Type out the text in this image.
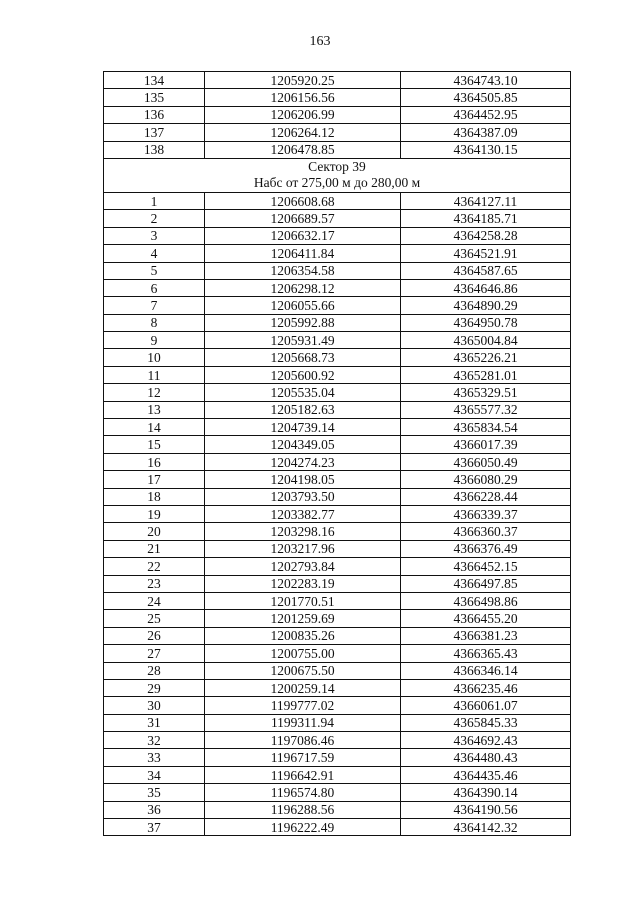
163
134	1205920.25	4364743.10
135	1206156.56	4364505.85
136	1206206.99	4364452.95
137	1206264.12	4364387.09
138	1206478.85	4364130.15

Сектор 39
Набс от 275,00 м до 280,00 м		

1	1206608.68	4364127.11
2	1206689.57	4364185.71
3	1206632.17	4364258.28
4	1206411.84	4364521.91
5	1206354.58	4364587.65
6	1206298.12	4364646.86
7	1206055.66	4364890.29
8	1205992.88	4364950.78
9	1205931.49	4365004.84
10	1205668.73	4365226.21
11	1205600.92	4365281.01
12	1205535.04	4365329.51
13	1205182.63	4365577.32
14	1204739.14	4365834.54
15	1204349.05	4366017.39
16	1204274.23	4366050.49
17	1204198.05	4366080.29
18	1203793.50	4366228.44
19	1203382.77	4366339.37
20	1203298.16	4366360.37
21	1203217.96	4366376.49
22	1202793.84	4366452.15
23	1202283.19	4366497.85
24	1201770.51	4366498.86
25	1201259.69	4366455.20
26	1200835.26	4366381.23
27	1200755.00	4366365.43
28	1200675.50	4366346.14
29	1200259.14	4366235.46
30	1199777.02	4366061.07
31	1199311.94	4365845.33
32	1197086.46	4364692.43
33	1196717.59	4364480.43
34	1196642.91	4364435.46
35	1196574.80	4364390.14
36	1196288.56	4364190.56
37	1196222.49	4364142.32
